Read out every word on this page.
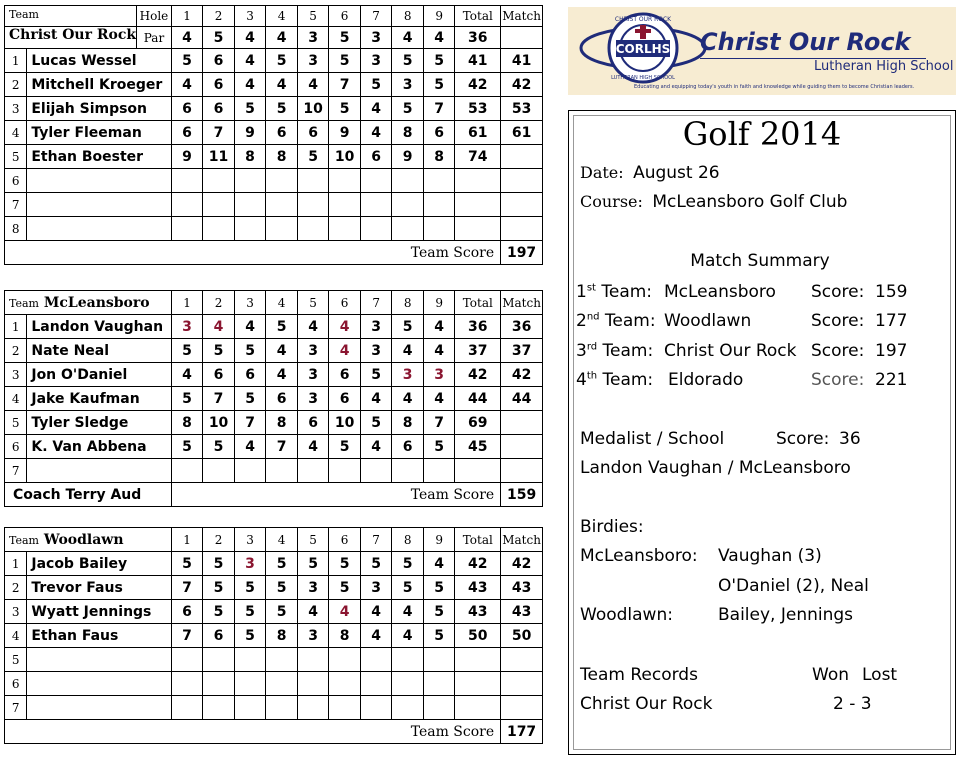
Team		Hole	1	2	3	4	5	6	7	8	9	Total	Match
Christ Our Rock		Par	4	5	4	4	3	5	3	4	4	36	
1	Lucas Wessel		5	6	4	5	3	5	3	5	5	41	41
2	Mitchell Kroeger		4	6	4	4	4	7	5	3	5	42	42
3	Elijah Simpson		6	6	5	5	10	5	4	5	7	53	53
4	Tyler Fleeman		6	7	9	6	6	9	4	8	6	61	61
5	Ethan Boester		9	11	8	8	5	10	6	9	8	74	
6													
7													
8													
Team Score													197
Team McLeansboro		1	2	3	4	5	6	7	8	9	Total	Match
1	Landon Vaughan	3	4	4	5	4	4	3	5	4	36	36
2	Nate Neal	5	5	5	4	3	4	3	4	4	37	37
3	Jon O'Daniel	4	6	6	4	3	6	5	3	3	42	42
4	Jake Kaufman	5	7	5	6	3	6	4	4	4	44	44
5	Tyler Sledge	8	10	7	8	6	10	5	8	7	69	
6	K. Van Abbena	5	5	4	7	4	5	4	6	5	45	
7												
Coach Terry Aud		Team Score										159
Team Woodlawn		1	2	3	4	5	6	7	8	9	Total	Match
1	Jacob Bailey	5	5	3	5	5	5	5	5	4	42	42
2	Trevor Faus	7	5	5	5	3	5	3	5	5	43	43
3	Wyatt Jennings	6	5	5	5	4	4	4	4	5	43	43
4	Ethan Faus	7	6	5	8	3	8	4	4	5	50	50
5												
6												
7												
Team Score												177
CORLHS
CHRIST OUR ROCK
LUTHERAN HIGH SCHOOL
Christ Our Rock
Lutheran High School
Educating and equipping today's youth in faith and knowledge while guiding them to become Christian leaders.
Golf 2014
Date: August 26
Course: McLeansboro Golf Club
Match Summary
1st Team: McLeansboro Score: 159
2nd Team: Woodlawn	Score: 177
3rd Team: Christ Our Rock Score: 197
4th Team: Eldorado	Score: 221
Medalist / School	Score: 36
Landon Vaughan / McLeansboro
Birdies:
McLeansboro: Vaughan (3)
O'Daniel (2), Neal
Woodlawn:	Bailey, Jennings
Team Records	Won Lost
Christ Our Rock	2 - 3
